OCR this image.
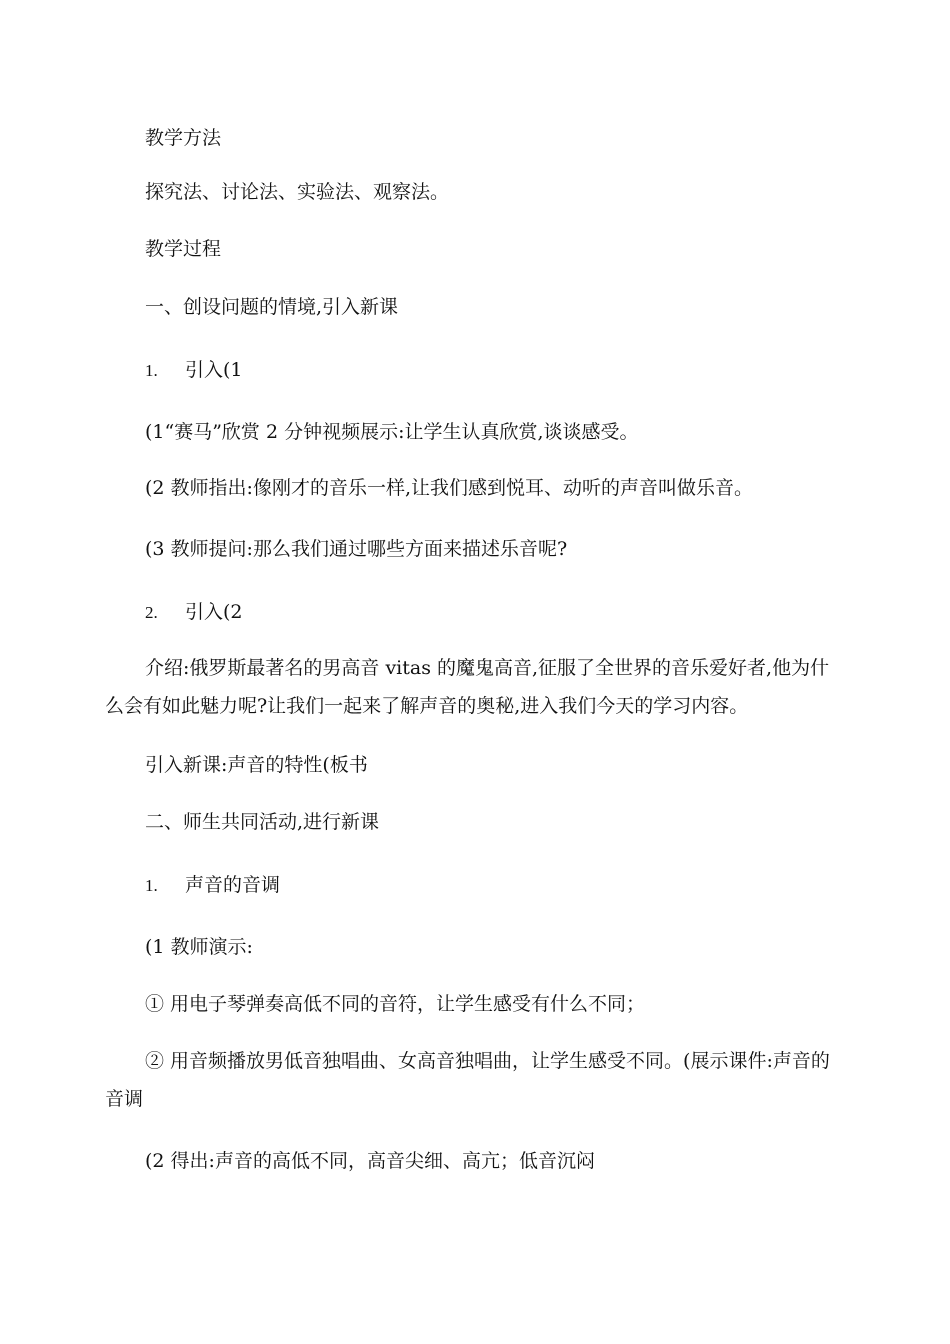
教学方法

探究法、讨论法、实验法、观察法。

教学过程

一、创设问题的情境,引入新课

1. 引入(1

(1“赛马”欣赏 2 分钟视频展示:让学生认真欣赏,谈谈感受。

(2 教师指出:像刚才的音乐一样,让我们感到悦耳、动听的声音叫做乐音。

(3 教师提问:那么我们通过哪些方面来描述乐音呢?

2. 引入(2

介绍:俄罗斯最著名的男高音 vitas 的魔鬼高音,征服了全世界的音乐爱好者,他为什么会有如此魅力呢?让我们一起来了解声音的奥秘,进入我们今天的学习内容。

引入新课:声音的特性(板书

二、师生共同活动,进行新课

1. 声音的音调

(1 教师演示:

① 用电子琴弹奏高低不同的音符，让学生感受有什么不同；

② 用音频播放男低音独唱曲、女高音独唱曲，让学生感受不同。(展示课件:声音的音调

(2 得出:声音的高低不同，高音尖细、高亢；低音沉闷
